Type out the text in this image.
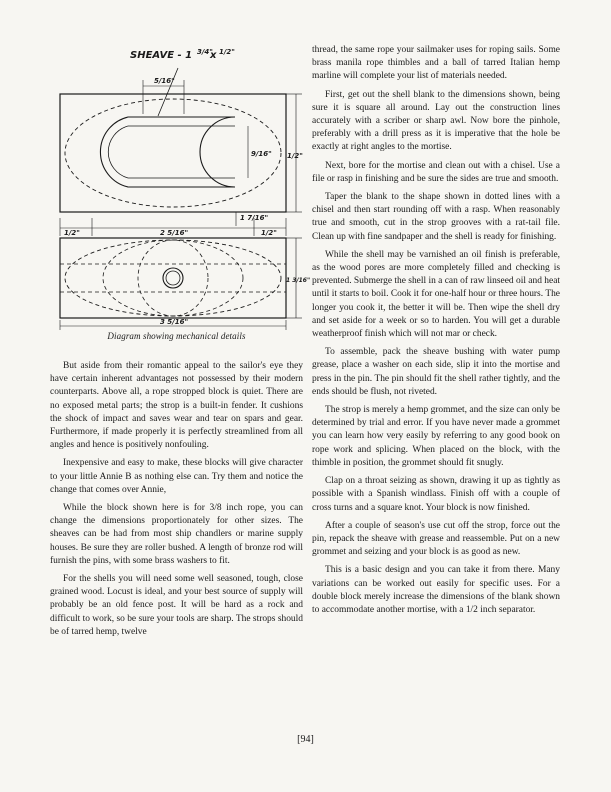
SHEAVE - 1 3/4"
x 1/2"
5/16"
9/16" 1/2"
1 7/16"
1/2"	2 5/16"	1/2"
1 3/16"
3 5/16"
Diagram showing mechanical details

But aside from their romantic appeal to the sailor's eye they have certain inherent advantages not possessed by their modern counterparts. Above all, a rope stropped block is quiet. There are no exposed metal parts; the strop is a built-in fender. It cushions the shock of impact and saves wear and tear on spars and gear. Furthermore, if made properly it is perfectly streamlined from all angles and hence is positively nonfouling.

Inexpensive and easy to make, these blocks will give character to your little Annie B as nothing else can. Try them and notice the change that comes over Annie,

While the block shown here is for 3/8 inch rope, you can change the dimensions proportionately for other sizes. The sheaves can be had from most ship chandlers or marine supply houses. Be sure they are roller bushed. A length of bronze rod will furnish the pins, with some brass washers to fit.

For the shells you will need some well seasoned, tough, close grained wood. Locust is ideal, and your best source of supply will probably be an old fence post. It will be hard as a rock and difficult to work, so be sure your tools are sharp. The strops should be of tarred hemp, twelve

thread, the same rope your sailmaker uses for roping sails. Some brass manila rope thimbles and a ball of tarred Italian hemp marline will complete your list of materials needed.

First, get out the shell blank to the dimensions shown, being sure it is square all around. Lay out the construction lines accurately with a scriber or sharp awl. Now bore the pinhole, preferably with a drill press as it is imperative that the hole be exactly at right angles to the mortise.

Next, bore for the mortise and clean out with a chisel. Use a file or rasp in finishing and be sure the sides are true and smooth.

Taper the blank to the shape shown in dotted lines with a chisel and then start rounding off with a rasp. When reasonably true and smooth, cut in the strop grooves with a rat-tail file. Clean up with fine sandpaper and the shell is ready for finishing.

While the shell may be varnished an oil finish is preferable, as the wood pores are more completely filled and checking is prevented. Submerge the shell in a can of raw linseed oil and heat until it starts to boil. Cook it for one-half hour or three hours. The longer you cook it, the better it will be. Then wipe the shell dry and set aside for a week or so to harden. You will get a durable weatherproof finish which will not mar or check.

To assemble, pack the sheave bushing with water pump grease, place a washer on each side, slip it into the mortise and press in the pin. The pin should fit the shell rather tightly, and the ends should be flush, not riveted.

The strop is merely a hemp grommet, and the size can only be determined by trial and error. If you have never made a grommet you can learn how very easily by referring to any good book on rope work and splicing. When placed on the block, with the thimble in position, the grommet should fit snugly.

Clap on a throat seizing as shown, drawing it up as tightly as possible with a Spanish windlass. Finish off with a couple of cross turns and a square knot. Your block is now finished.

After a couple of season's use cut off the strop, force out the pin, repack the sheave with grease and reassemble. Put on a new grommet and seizing and your block is as good as new.

This is a basic design and you can take it from there. Many variations can be worked out easily for specific uses. For a double block merely increase the dimensions of the blank shown to accommodate another mortise, with a 1/2 inch separator.

[94]
